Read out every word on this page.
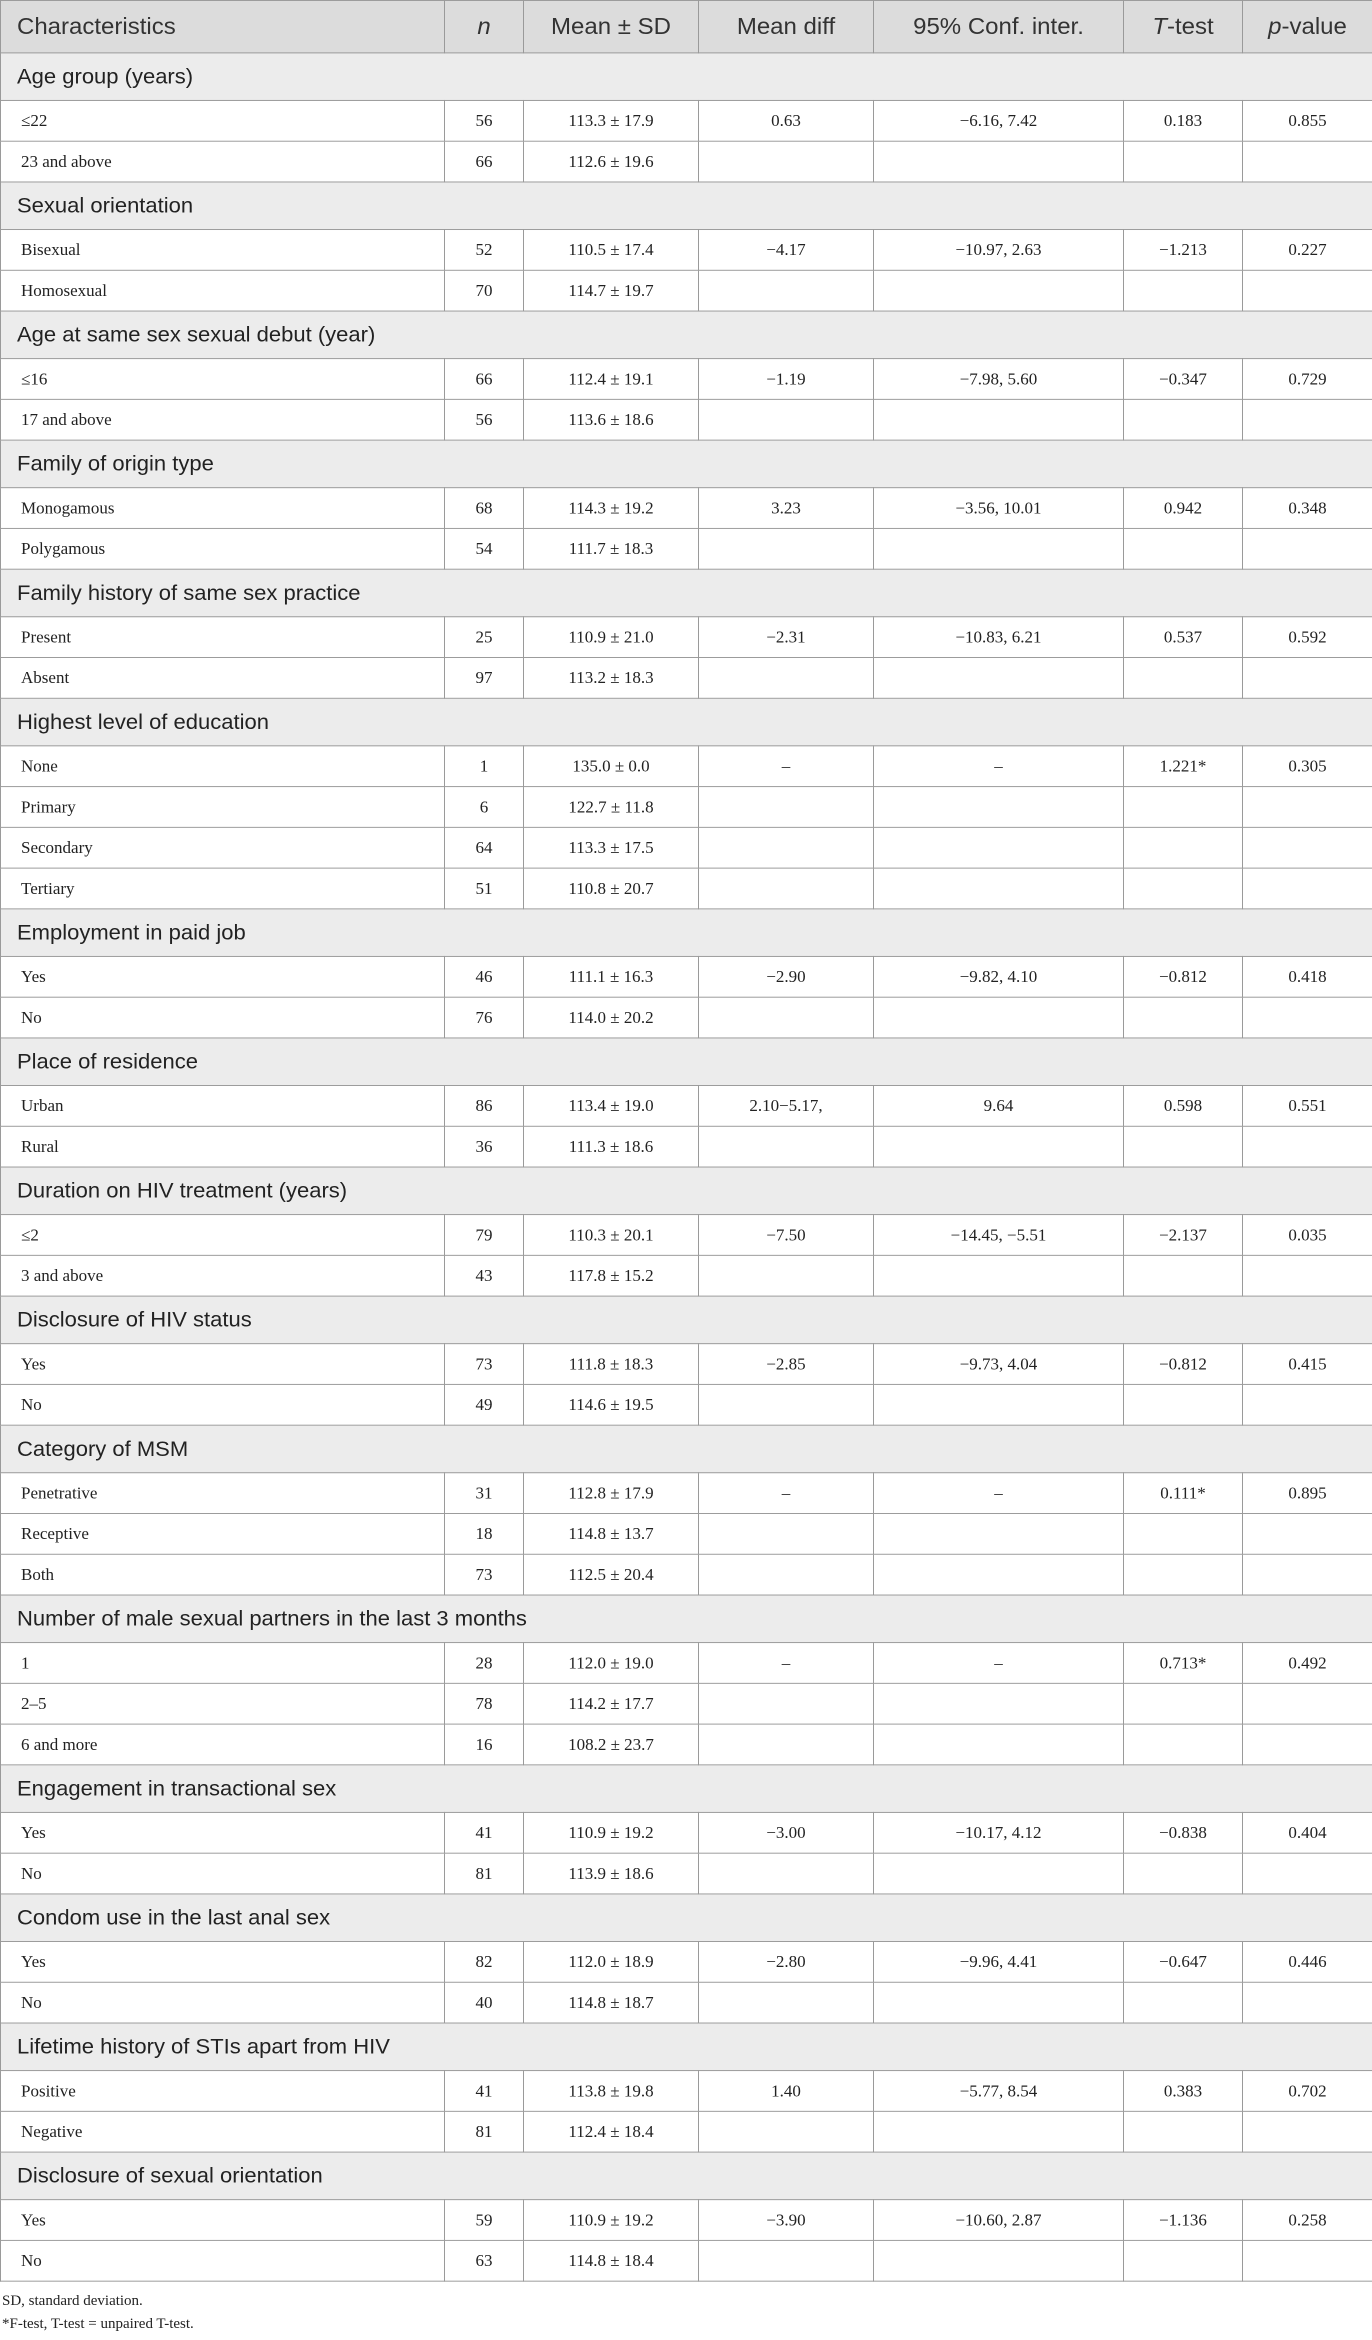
Characteristics	n	Mean ± SD	Mean diff	95% Conf. inter.	T-test	p-value
Age group (years)						
≤22	56	113.3 ± 17.9	0.63	−6.16, 7.42	0.183	0.855
23 and above	66	112.6 ± 19.6				
Sexual orientation						
Bisexual	52	110.5 ± 17.4	−4.17	−10.97, 2.63	−1.213	0.227
Homosexual	70	114.7 ± 19.7				
Age at same sex sexual debut (year)						
≤16	66	112.4 ± 19.1	−1.19	−7.98, 5.60	−0.347	0.729
17 and above	56	113.6 ± 18.6				
Family of origin type						
Monogamous	68	114.3 ± 19.2	3.23	−3.56, 10.01	0.942	0.348
Polygamous	54	111.7 ± 18.3				
Family history of same sex practice						
Present	25	110.9 ± 21.0	−2.31	−10.83, 6.21	0.537	0.592
Absent	97	113.2 ± 18.3				
Highest level of education						
None	1	135.0 ± 0.0	–	–	1.221*	0.305
Primary	6	122.7 ± 11.8				
Secondary	64	113.3 ± 17.5				
Tertiary	51	110.8 ± 20.7				
Employment in paid job						
Yes	46	111.1 ± 16.3	−2.90	−9.82, 4.10	−0.812	0.418
No	76	114.0 ± 20.2				
Place of residence						
Urban	86	113.4 ± 19.0	2.10−5.17,	9.64	0.598	0.551
Rural	36	111.3 ± 18.6				
Duration on HIV treatment (years)						
≤2	79	110.3 ± 20.1	−7.50	−14.45, −5.51	−2.137	0.035
3 and above	43	117.8 ± 15.2				
Disclosure of HIV status						
Yes	73	111.8 ± 18.3	−2.85	−9.73, 4.04	−0.812	0.415
No	49	114.6 ± 19.5				
Category of MSM						
Penetrative	31	112.8 ± 17.9	–	–	0.111*	0.895
Receptive	18	114.8 ± 13.7				
Both	73	112.5 ± 20.4				
Number of male sexual partners in the last 3 months						
1	28	112.0 ± 19.0	–	–	0.713*	0.492
2–5	78	114.2 ± 17.7				
6 and more	16	108.2 ± 23.7				
Engagement in transactional sex						
Yes	41	110.9 ± 19.2	−3.00	−10.17, 4.12	−0.838	0.404
No	81	113.9 ± 18.6				
Condom use in the last anal sex						
Yes	82	112.0 ± 18.9	−2.80	−9.96, 4.41	−0.647	0.446
No	40	114.8 ± 18.7				
Lifetime history of STIs apart from HIV						
Positive	41	113.8 ± 19.8	1.40	−5.77, 8.54	0.383	0.702
Negative	81	112.4 ± 18.4				
Disclosure of sexual orientation						
Yes	59	110.9 ± 19.2	−3.90	−10.60, 2.87	−1.136	0.258
No	63	114.8 ± 18.4				
SD, standard deviation.
*F-test, T-test = unpaired T-test.
